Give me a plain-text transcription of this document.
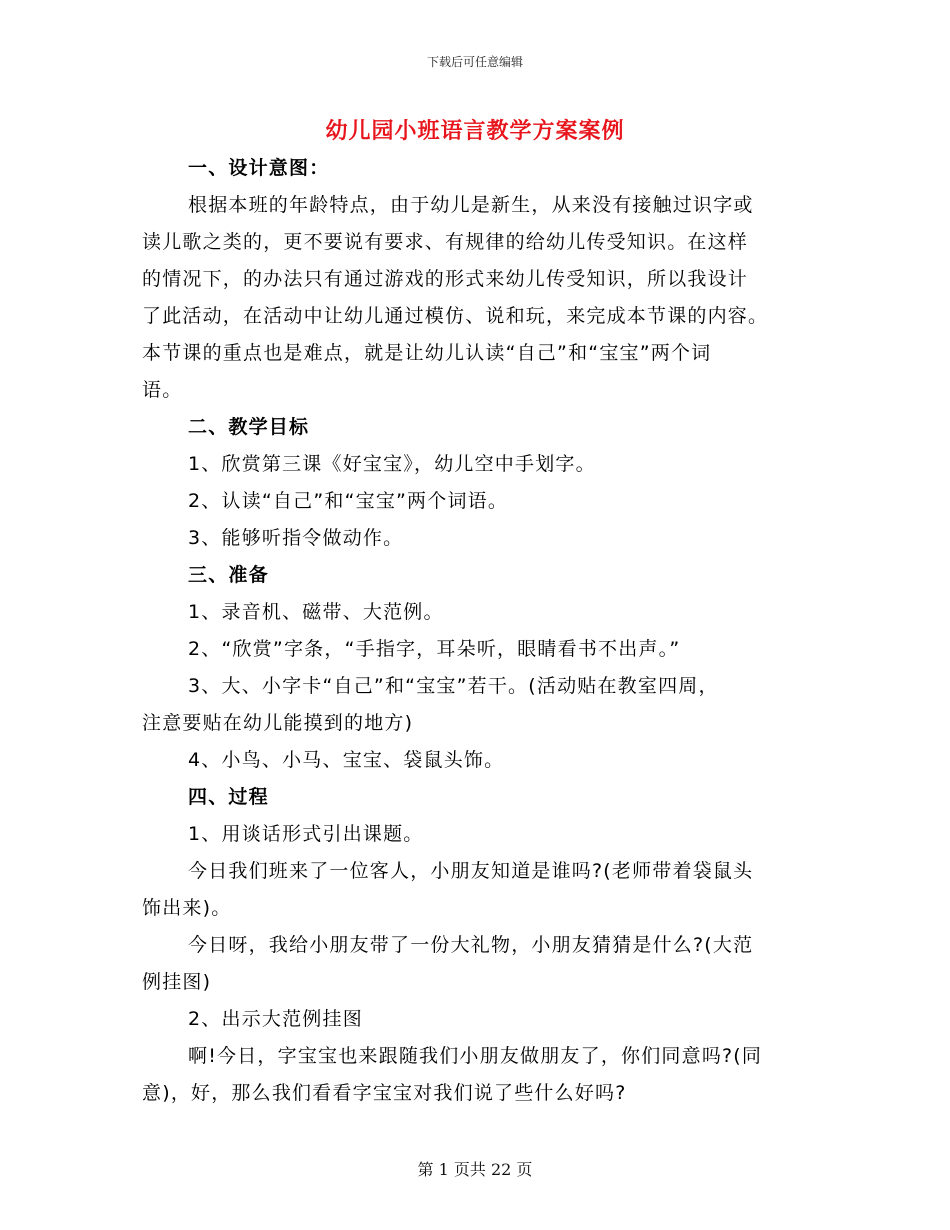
下载后可任意编辑
幼儿园小班语言教学方案案例
一、设计意图：
根据本班的年龄特点，由于幼儿是新生，从来没有接触过识字或
读儿歌之类的，更不要说有要求、有规律的给幼儿传受知识。在这样
的情况下，的办法只有通过游戏的形式来幼儿传受知识，所以我设计
了此活动，在活动中让幼儿通过模仿、说和玩，来完成本节课的内容。
本节课的重点也是难点，就是让幼儿认读“自己”和“宝宝”两个词
语。
二、教学目标
1、欣赏第三课《好宝宝》，幼儿空中手划字。
2、认读“自己”和“宝宝”两个词语。
3、能够听指令做动作。
三、准备
1、录音机、磁带、大范例。
2、“欣赏”字条，“手指字，耳朵听，眼睛看书不出声。”
3、大、小字卡“自己”和“宝宝”若干。(活动贴在教室四周，
注意要贴在幼儿能摸到的地方)
4、小鸟、小马、宝宝、袋鼠头饰。
四、过程
1、用谈话形式引出课题。
今日我们班来了一位客人，小朋友知道是谁吗?(老师带着袋鼠头
饰出来)。
今日呀，我给小朋友带了一份大礼物，小朋友猜猜是什么?(大范
例挂图)
2、出示大范例挂图
啊!今日，字宝宝也来跟随我们小朋友做朋友了，你们同意吗?(同
意)，好，那么我们看看字宝宝对我们说了些什么好吗?
第 1 页共 22 页
